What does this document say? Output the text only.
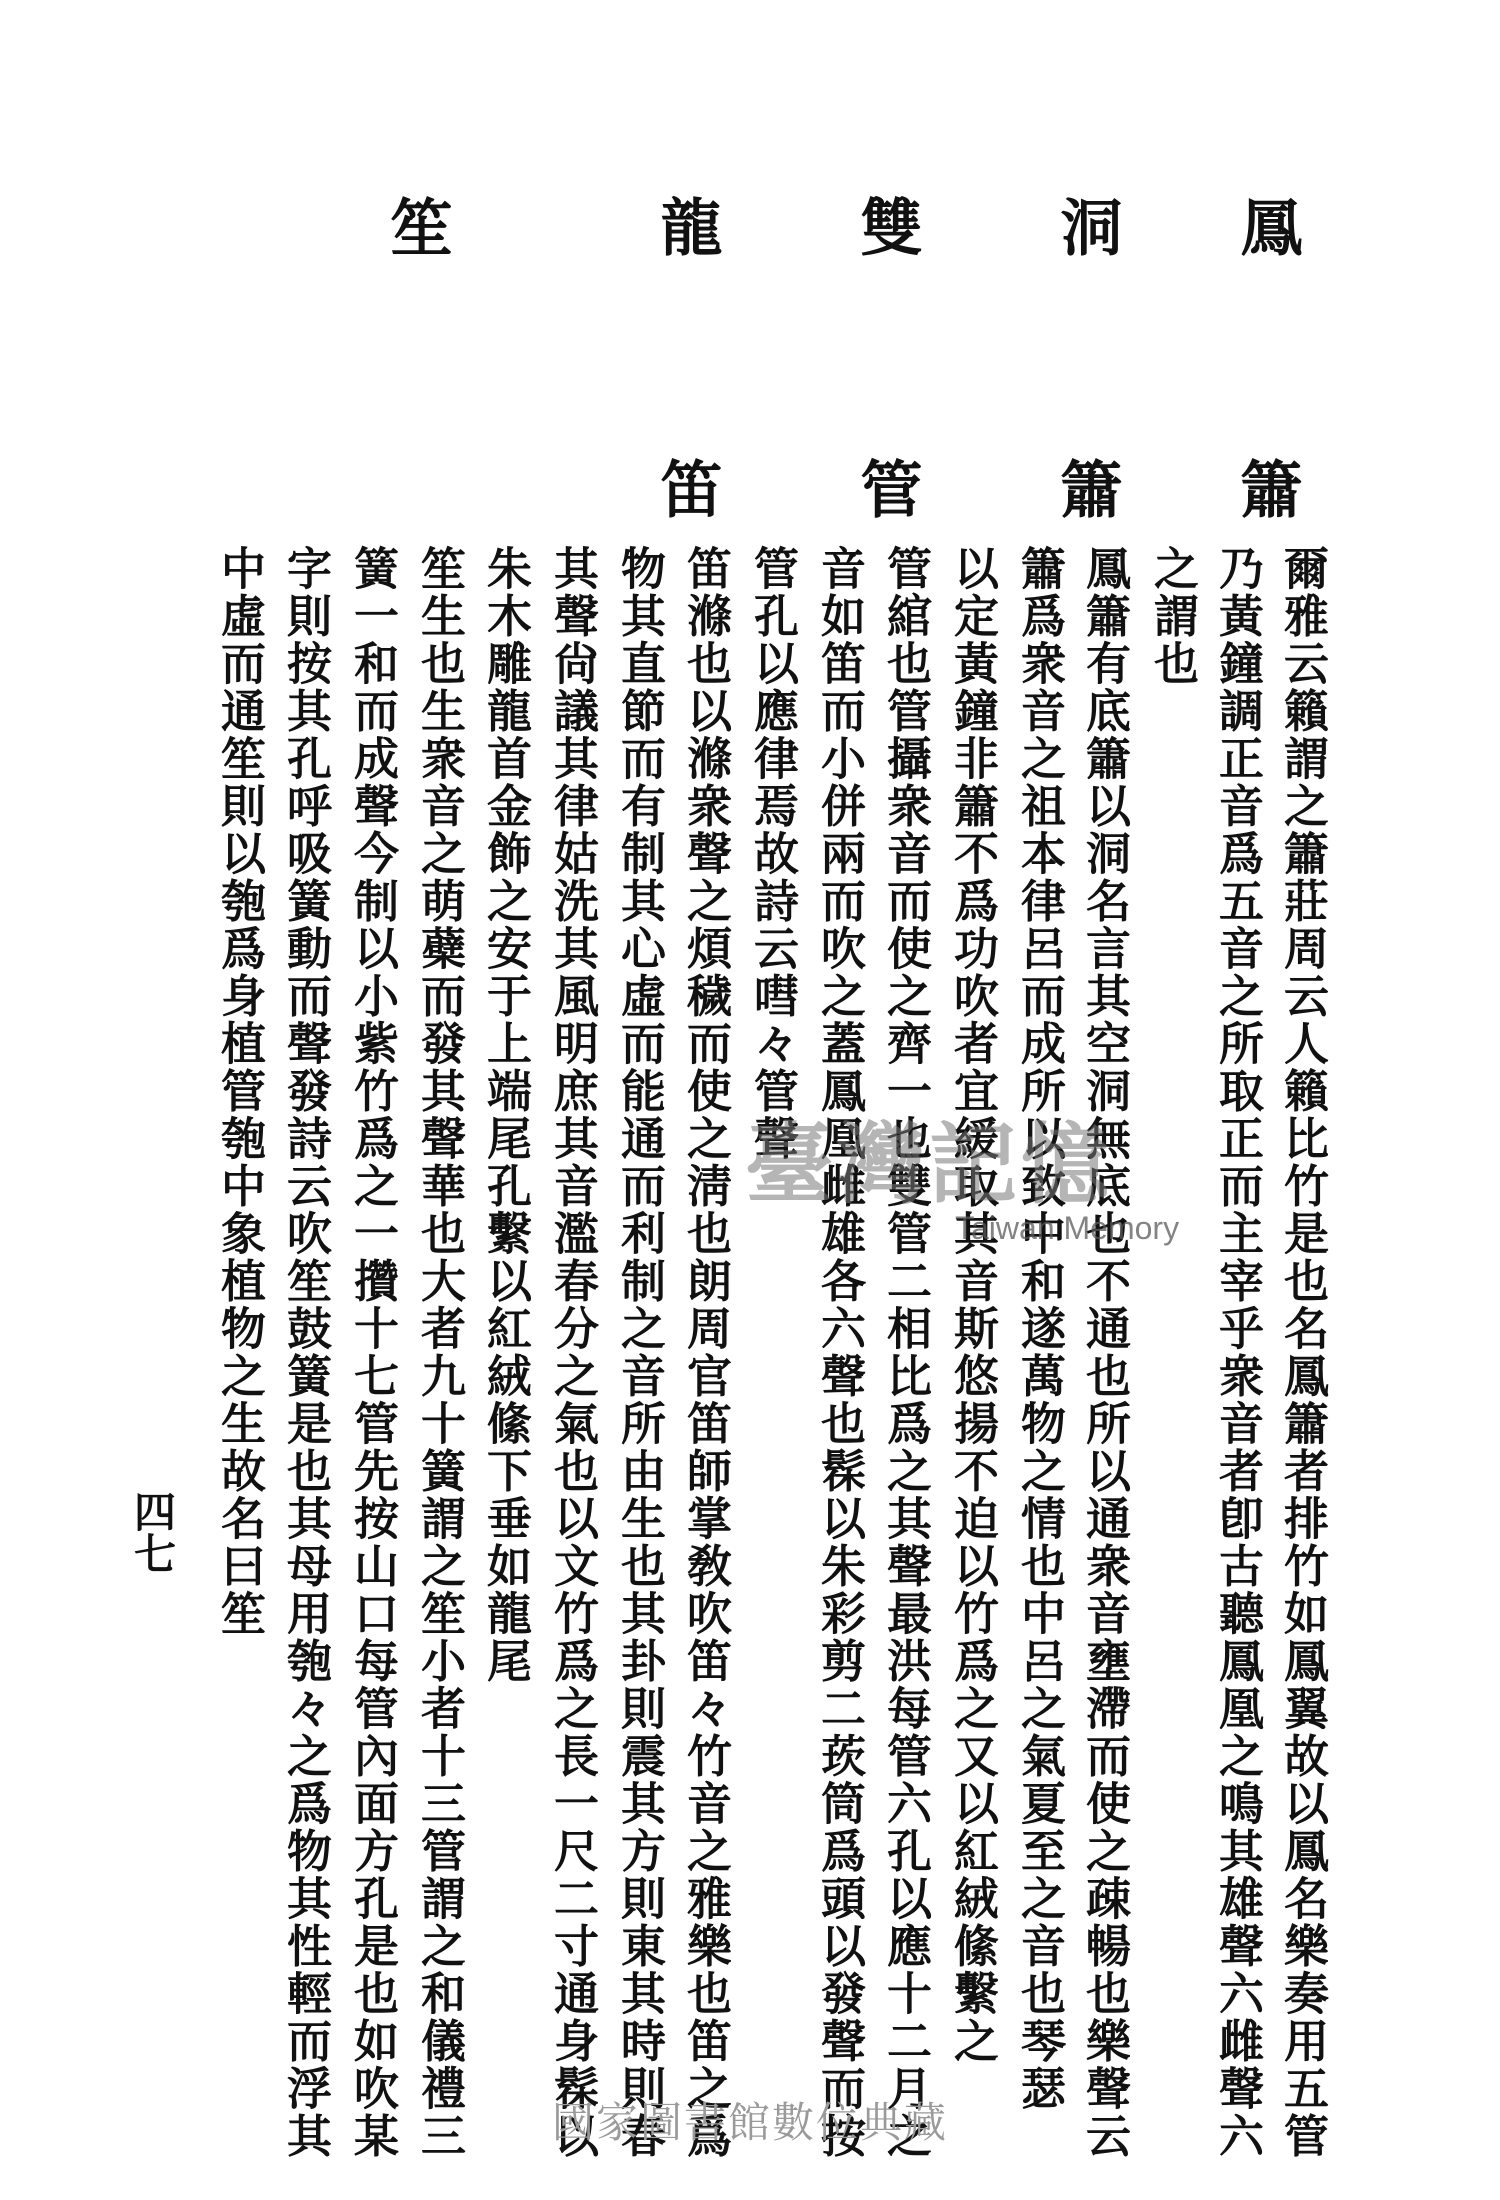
鳳簫
洞簫
雙管
龍笛
笙
爾雅云籟謂之簫莊周云人籟比竹是也名鳳簫者排竹如鳳翼故以鳳名樂奏用五管
乃黃鐘調正音爲五音之所取正而主宰乎衆音者卽古聽鳳凰之鳴其雄聲六雌聲六
之謂也
鳳簫有底簫以洞名言其空洞無底也不通也所以通衆音壅滯而使之疎暢也樂聲云
簫爲衆音之祖本律呂而成所以致中和遂萬物之情也中呂之氣夏至之音也琴瑟
以定黃鐘非簫不爲功吹者宜緩取其音斯悠揚不迫以竹爲之又以紅絨絛繫之
管綰也管攝衆音而使之齊一也雙管二相比爲之其聲最洪每管六孔以應十二月之
音如笛而小併兩而吹之蓋鳳凰雌雄各六聲也髹以朱彩剪二莰筒爲頭以發聲而按
管孔以應律焉故詩云嘒々管聲
笛滌也以滌衆聲之煩穢而使之淸也朗周官笛師掌敎吹笛々竹音之雅樂也笛之爲
物其直節而有制其心虛而能通而利制之音所由生也其卦則震其方則東其時則春
其聲尙議其律姑洗其風明庶其音濫春分之氣也以文竹爲之長一尺二寸通身髹以
朱木雕龍首金飾之安于上端尾孔繫以紅絨絛下垂如龍尾
笙生也生衆音之萌蘗而發其聲華也大者九十簧謂之笙小者十三管謂之和儀禮三
簧一和而成聲今制以小紫竹爲之一攢十七管先按山口每管內面方孔是也如吹某
字則按其孔呼吸簧動而聲發詩云吹笙鼓簧是也其母用匏々之爲物其性輕而浮其
中虛而通笙則以匏爲身植管匏中象植物之生故名曰笙
四七
臺灣記憶
Taiwan Memory
國家圖書館數位典藏
